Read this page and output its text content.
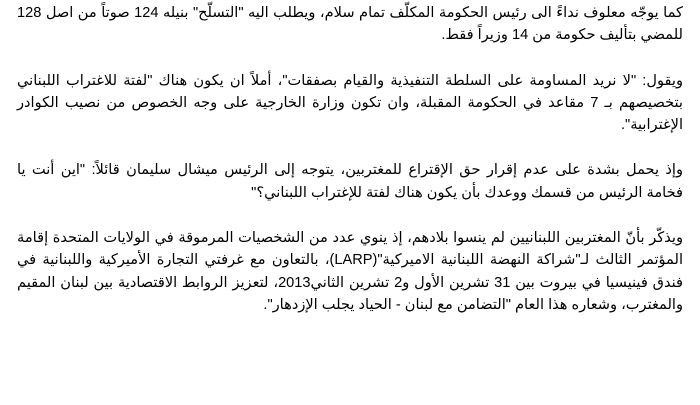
كما يوجّه معلوف نداءً الى رئيس الحكومة المكلّف تمام سلام، ويطلب اليه "التسلّح" بنيله 124 صوتاً من اصل 128 للمضي بتأليف حكومة من 14 وزيراً فقط.

ويقول: "لا نريد المساومة على السلطة التنفيذية والقيام بصفقات"، أملاً ان يكون هناك "لفتة للاغتراب اللبناني بتخصيصهم بـ 7 مقاعد في الحكومة المقبلة، وان تكون وزارة الخارجية على وجه الخصوص من نصيب الكوادر الإغترابية".

وإذ يحمل بشدة على عدم إقرار حق الإقتراع للمغتربين، يتوجه إلى الرئيس ميشال سليمان قائلاً: "اين أنت يا فخامة الرئيس من قسمك ووعدك بأن يكون هناك لفتة للإغتراب اللبناني؟"

ويذكّر بأنّ المغتربين اللبنانيين لم ينسوا بلادهم، إذ ينوي عدد من الشخصيات المرموقة في الولايات المتحدة إقامة المؤتمر الثالث لـ"شراكة النهضة اللبنانية الاميركية"(LARP)، بالتعاون مع غرفتي التجارة الأميركية واللبنانية في فندق فينيسيا في بيروت بين 31 تشرين الأول و2 تشرين الثاني2013، لتعزيز الروابط الاقتصادية بين لبنان المقيم والمغترب، وشعاره هذا العام "التضامن مع لبنان - الحياد يجلب الإزدهار".
